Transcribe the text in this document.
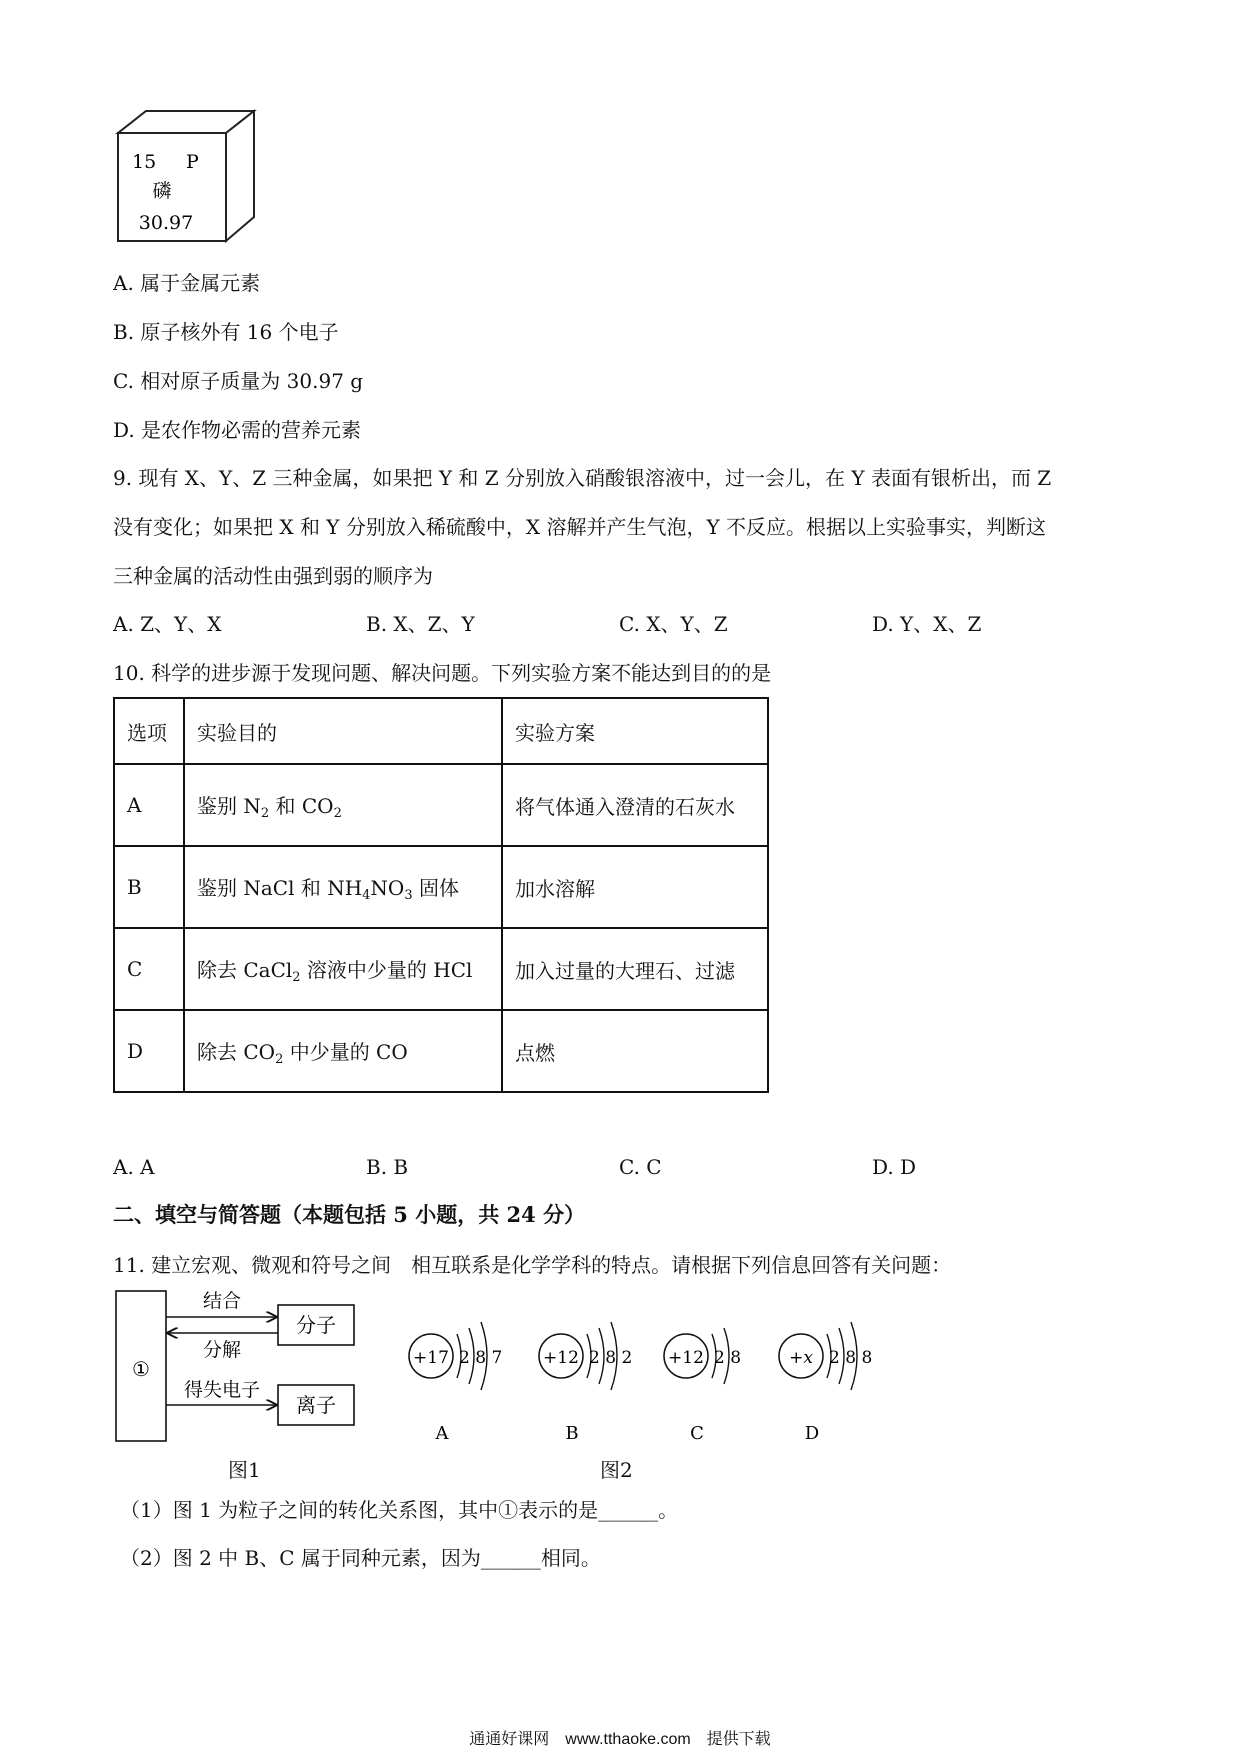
15 P
磷
30.97
A. 属于金属元素
B. 原子核外有 16 个电子
C. 相对原子质量为 30.97 g
D. 是农作物必需的营养元素
9. 现有 X、Y、Z 三种金属，如果把 Y 和 Z 分别放入硝酸银溶液中，过一会儿，在 Y 表面有银析出，而 Z
没有变化；如果把 X 和 Y 分别放入稀硫酸中，X 溶解并产生气泡，Y 不反应。根据以上实验事实，判断这
三种金属的活动性由强到弱的顺序为
A. Z、Y、X	B. X、Z、Y	C. X、Y、Z	D. Y、X、Z
10. 科学的进步源于发现问题、解决问题。下列实验方案不能达到目的的是
选项	实验目的	实验方案
A	鉴别 $N_2$ 和 $CO_2$	将气体通入澄清的石灰水
B	鉴别 NaCl 和 $NH_4NO_3$ 固体	加水溶解
C	除去 CaCl$_2$ 溶液中少量的 HCl	加入过量的大理石、过滤
D	除去 $CO_2$ 中少量的 CO	点燃
A. A	B. B	C. C	D. D
二、填空与简答题（本题包括 5 小题，共 24 分）
11. 建立宏观、微观和符号之间　相互联系是化学学科的特点。请根据下列信息回答有关问题：
①
分子
离子
结合
分解
得失电子
图1
+17 2 8 7
A
+12 2 8 2
B
+12 2 8
C
+x 2 8 8
D
图2
（1）图 1 为粒子之间的转化关系图，其中①表示的是______。
（2）图 2 中 B、C 属于同种元素，因为______相同。
通通好课网　www.tthaoke.com　提供下载
